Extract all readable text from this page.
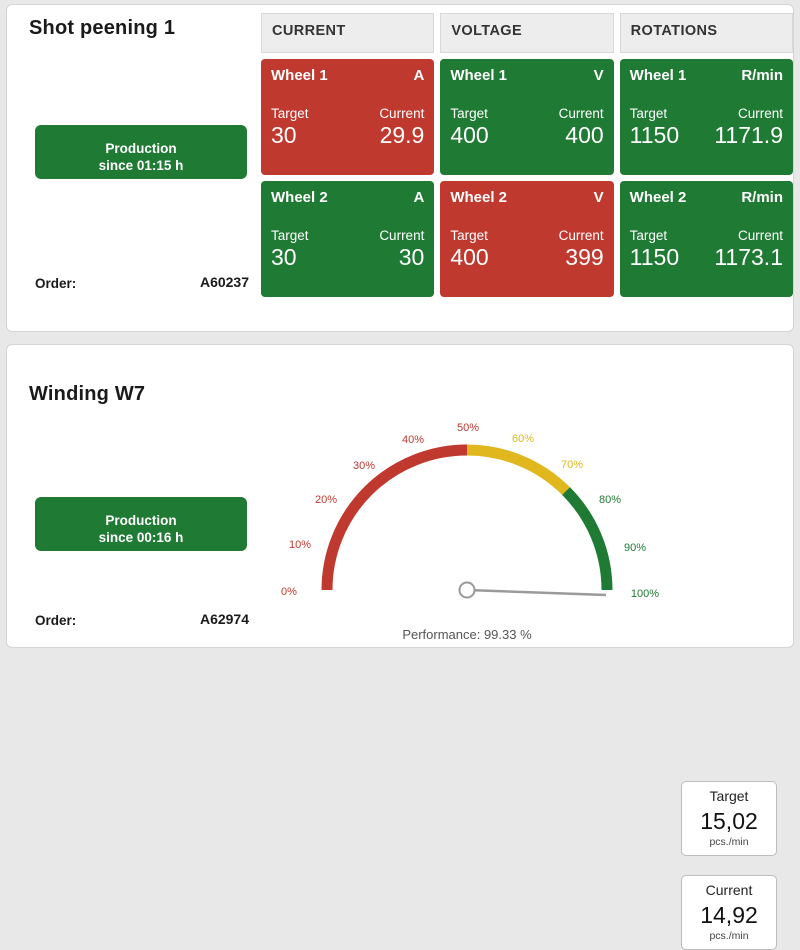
Shot peening 1
Production
since 01:15 h
Order:	A60237
CURRENT	VOLTAGE	ROTATIONS
Wheel 1	A
Target	Current
30	29.9
Wheel 1	V
Target	Current
400	400
Wheel 1	R/min
Target	Current
1150 1171.9
Wheel 2	A
Target	Current
30	30
Wheel 2	V
Target	Current
400	399
Wheel 2	R/min
Target	Current
1150 1173.1
Winding W7
Production
since 00:16 h
Order:	A62974
0%
10%
20%
30%
40%
50%
60%
70%
80%
90%
100%
Performance: 99.33 %
Target
15,02
pcs./min
Current
14,92
pcs./min
